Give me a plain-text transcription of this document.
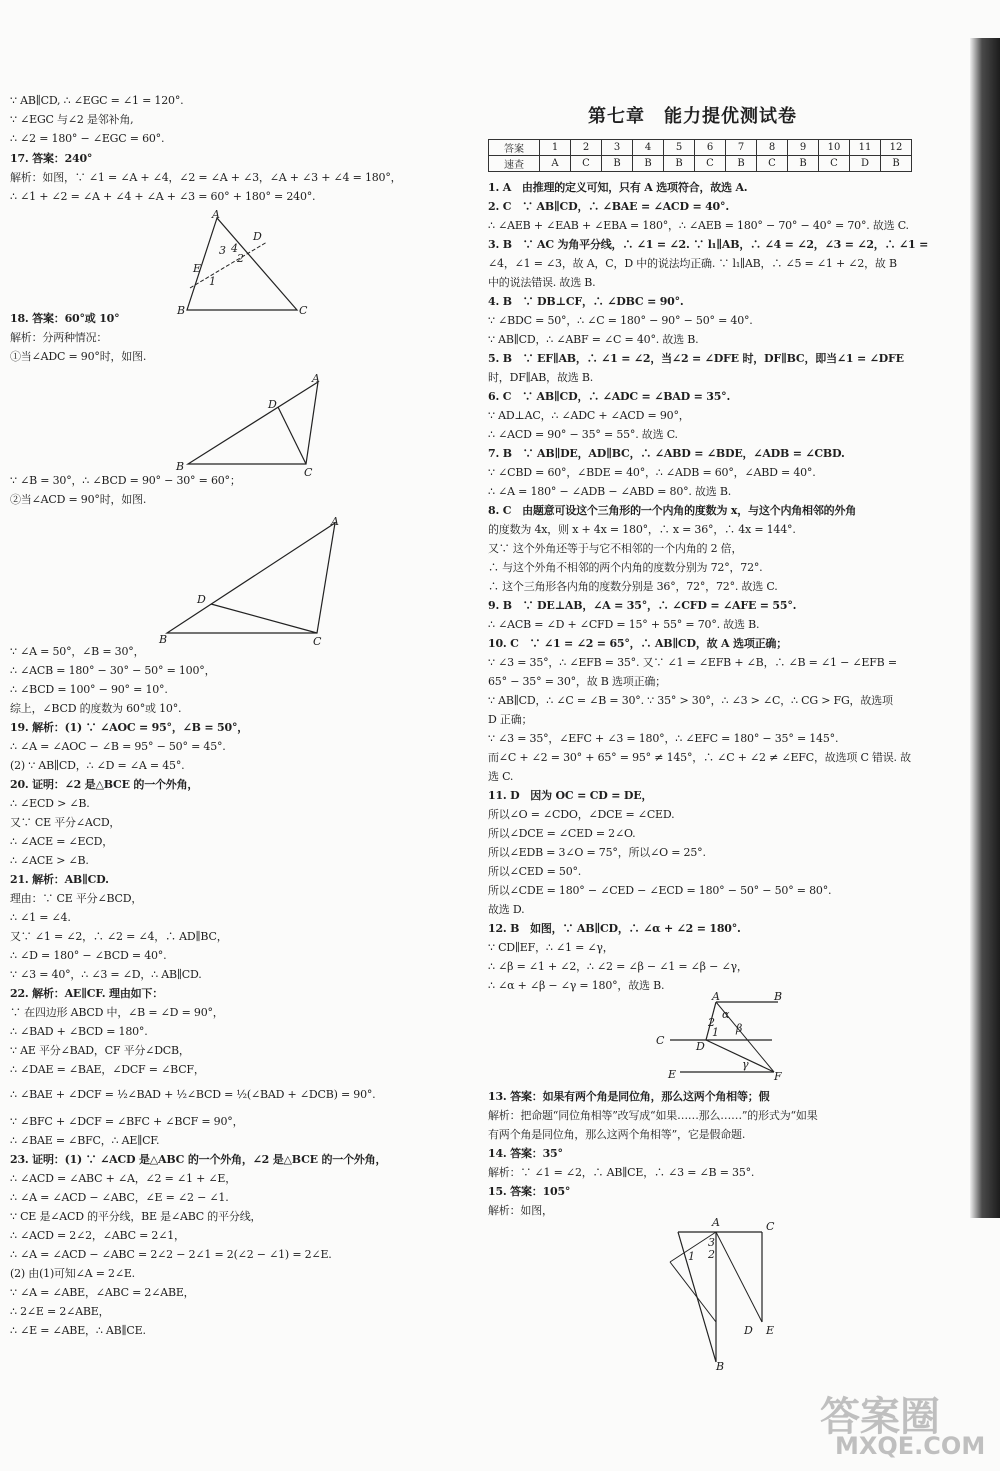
∵ AB∥CD, ∴ ∠EGC = ∠1 = 120°.
∵ ∠EGC 与∠2 是邻补角,
∴ ∠2 = 180° − ∠EGC = 60°.
17. 答案：240°
解析：如图，∵ ∠1 = ∠A + ∠4，∠2 = ∠A + ∠3，∠A + ∠3 + ∠4 = 180°，
∴ ∠1 + ∠2 = ∠A + ∠4 + ∠A + ∠3 = 60° + 180° = 240°.
18. 答案：60°或 10°
解析：分两种情况：
①当∠ADC = 90°时，如图.
∵ ∠B = 30°，∴ ∠BCD = 90° − 30° = 60°；
②当∠ACD = 90°时，如图.
∵ ∠A = 50°，∠B = 30°，
∴ ∠ACB = 180° − 30° − 50° = 100°，
∴ ∠BCD = 100° − 90° = 10°.
综上，∠BCD 的度数为 60°或 10°.
19. 解析：(1) ∵ ∠AOC = 95°，∠B = 50°，
∴ ∠A = ∠AOC − ∠B = 95° − 50° = 45°.
(2) ∵ AB∥CD，∴ ∠D = ∠A = 45°.
20. 证明：∠2 是△BCE 的一个外角，
∴ ∠ECD > ∠B.
又∵ CE 平分∠ACD，
∴ ∠ACE = ∠ECD，
∴ ∠ACE > ∠B.
21. 解析：AB∥CD.
理由：∵ CE 平分∠BCD，
∴ ∠1 = ∠4.
又∵ ∠1 = ∠2，∴ ∠2 = ∠4，∴ AD∥BC，
∴ ∠D = 180° − ∠BCD = 40°.
∵ ∠3 = 40°，∴ ∠3 = ∠D，∴ AB∥CD.
22. 解析：AE∥CF. 理由如下：
∵ 在四边形 ABCD 中，∠B = ∠D = 90°，
∴ ∠BAD + ∠BCD = 180°.
∵ AE 平分∠BAD，CF 平分∠DCB，
∴ ∠DAE = ∠BAE，∠DCF = ∠BCF，
∴ ∠BAE + ∠DCF = ½∠BAD + ½∠BCD = ½(∠BAD + ∠DCB) = 90°.
∵ ∠BFC + ∠DCF = ∠BFC + ∠BCF = 90°，
∴ ∠BAE = ∠BFC，∴ AE∥CF.
23. 证明：(1) ∵ ∠ACD 是△ABC 的一个外角，∠2 是△BCE 的一个外角，
∴ ∠ACD = ∠ABC + ∠A，∠2 = ∠1 + ∠E，
∴ ∠A = ∠ACD − ∠ABC，∠E = ∠2 − ∠1.
∵ CE 是∠ACD 的平分线，BE 是∠ABC 的平分线，
∴ ∠ACD = 2∠2，∠ABC = 2∠1，
∴ ∠A = ∠ACD − ∠ABC = 2∠2 − 2∠1 = 2(∠2 − ∠1) = 2∠E.
(2) 由(1)可知∠A = 2∠E.
∵ ∠A = ∠ABE，∠ABC = 2∠ABE，
∴ 2∠E = 2∠ABE，
∴ ∠E = ∠ABE，∴ AB∥CE.
第七章　能力提优测试卷
答案	1	2	3	4	5	6	7	8	9	10	11	12
速查	A	C	B	B	B	C	B	C	B	C	D	B
1. A　由推理的定义可知，只有 A 选项符合，故选 A.
2. C　∵ AB∥CD，∴ ∠BAE = ∠ACD = 40°.
∴ ∠AEB + ∠EAB + ∠EBA = 180°，∴ ∠AEB = 180° − 70° − 40° = 70°. 故选 C.
3. B　∵ AC 为角平分线，∴ ∠1 = ∠2. ∵ l₁∥AB，∴ ∠4 = ∠2，∠3 = ∠2，∴ ∠1 =
∠4，∠1 = ∠3，故 A，C，D 中的说法均正确. ∵ l₁∥AB，∴ ∠5 = ∠1 + ∠2，故 B
中的说法错误. 故选 B.
4. B　∵ DB⊥CF，∴ ∠DBC = 90°.
∵ ∠BDC = 50°，∴ ∠C = 180° − 90° − 50° = 40°.
∵ AB∥CD，∴ ∠ABF = ∠C = 40°. 故选 B.
5. B　∵ EF∥AB，∴ ∠1 = ∠2，当∠2 = ∠DFE 时，DF∥BC，即当∠1 = ∠DFE
时，DF∥AB，故选 B.
6. C　∵ AB∥CD，∴ ∠ADC = ∠BAD = 35°.
∵ AD⊥AC，∴ ∠ADC + ∠ACD = 90°，
∴ ∠ACD = 90° − 35° = 55°. 故选 C.
7. B　∵ AB∥DE，AD∥BC，∴ ∠ABD = ∠BDE，∠ADB = ∠CBD.
∵ ∠CBD = 60°，∠BDE = 40°，∴ ∠ADB = 60°，∠ABD = 40°.
∴ ∠A = 180° − ∠ADB − ∠ABD = 80°. 故选 B.
8. C　由题意可设这个三角形的一个内角的度数为 x，与这个内角相邻的外角
的度数为 4x，则 x + 4x = 180°，∴ x = 36°，∴ 4x = 144°.
又∵ 这个外角还等于与它不相邻的一个内角的 2 倍，
∴ 与这个外角不相邻的两个内角的度数分别为 72°，72°.
∴ 这个三角形各内角的度数分别是 36°，72°，72°. 故选 C.
9. B　∵ DE⊥AB，∠A = 35°，∴ ∠CFD = ∠AFE = 55°.
∴ ∠ACB = ∠D + ∠CFD = 15° + 55° = 70°. 故选 B.
10. C　∵ ∠1 = ∠2 = 65°，∴ AB∥CD，故 A 选项正确；
∵ ∠3 = 35°，∴ ∠EFB = 35°. 又∵ ∠1 = ∠EFB + ∠B，∴ ∠B = ∠1 − ∠EFB =
65° − 35° = 30°，故 B 选项正确；
∵ AB∥CD，∴ ∠C = ∠B = 30°. ∵ 35° > 30°，∴ ∠3 > ∠C，∴ CG > FG，故选项
D 正确；
∵ ∠3 = 35°，∠EFC + ∠3 = 180°，∴ ∠EFC = 180° − 35° = 145°.
而∠C + ∠2 = 30° + 65° = 95° ≠ 145°，∴ ∠C + ∠2 ≠ ∠EFC，故选项 C 错误. 故
选 C.
11. D　因为 OC = CD = DE，
所以∠O = ∠CDO，∠DCE = ∠CED.
所以∠DCE = ∠CED = 2∠O.
所以∠EDB = 3∠O = 75°，所以∠O = 25°.
所以∠CED = 50°.
所以∠CDE = 180° − ∠CED − ∠ECD = 180° − 50° − 50° = 80°.
故选 D.
12. B　如图，∵ AB∥CD，∴ ∠α + ∠2 = 180°.
∵ CD∥EF，∴ ∠1 = ∠γ，
∴ ∠β = ∠1 + ∠2，∴ ∠2 = ∠β − ∠1 = ∠β − ∠γ，
∴ ∠α + ∠β − ∠γ = 180°，故选 B.
13. 答案：如果有两个角是同位角，那么这两个角相等；假
解析：把命题“同位角相等”改写成“如果……那么……”的形式为“如果
有两个角是同位角，那么这两个角相等”，它是假命题.
14. 答案：35°
解析：∵ ∠1 = ∠2，∴ AB∥CE，∴ ∠3 = ∠B = 35°.
15. 答案：105°
解析：如图，
A
B	C
D
E
1
2
3 4
A
B	C
D
A
B	C
D
A	B
C	D
E	F
α
β
γ
1
2
A	C
D E
B
1 2
3
答案圈
MXQE.COM
